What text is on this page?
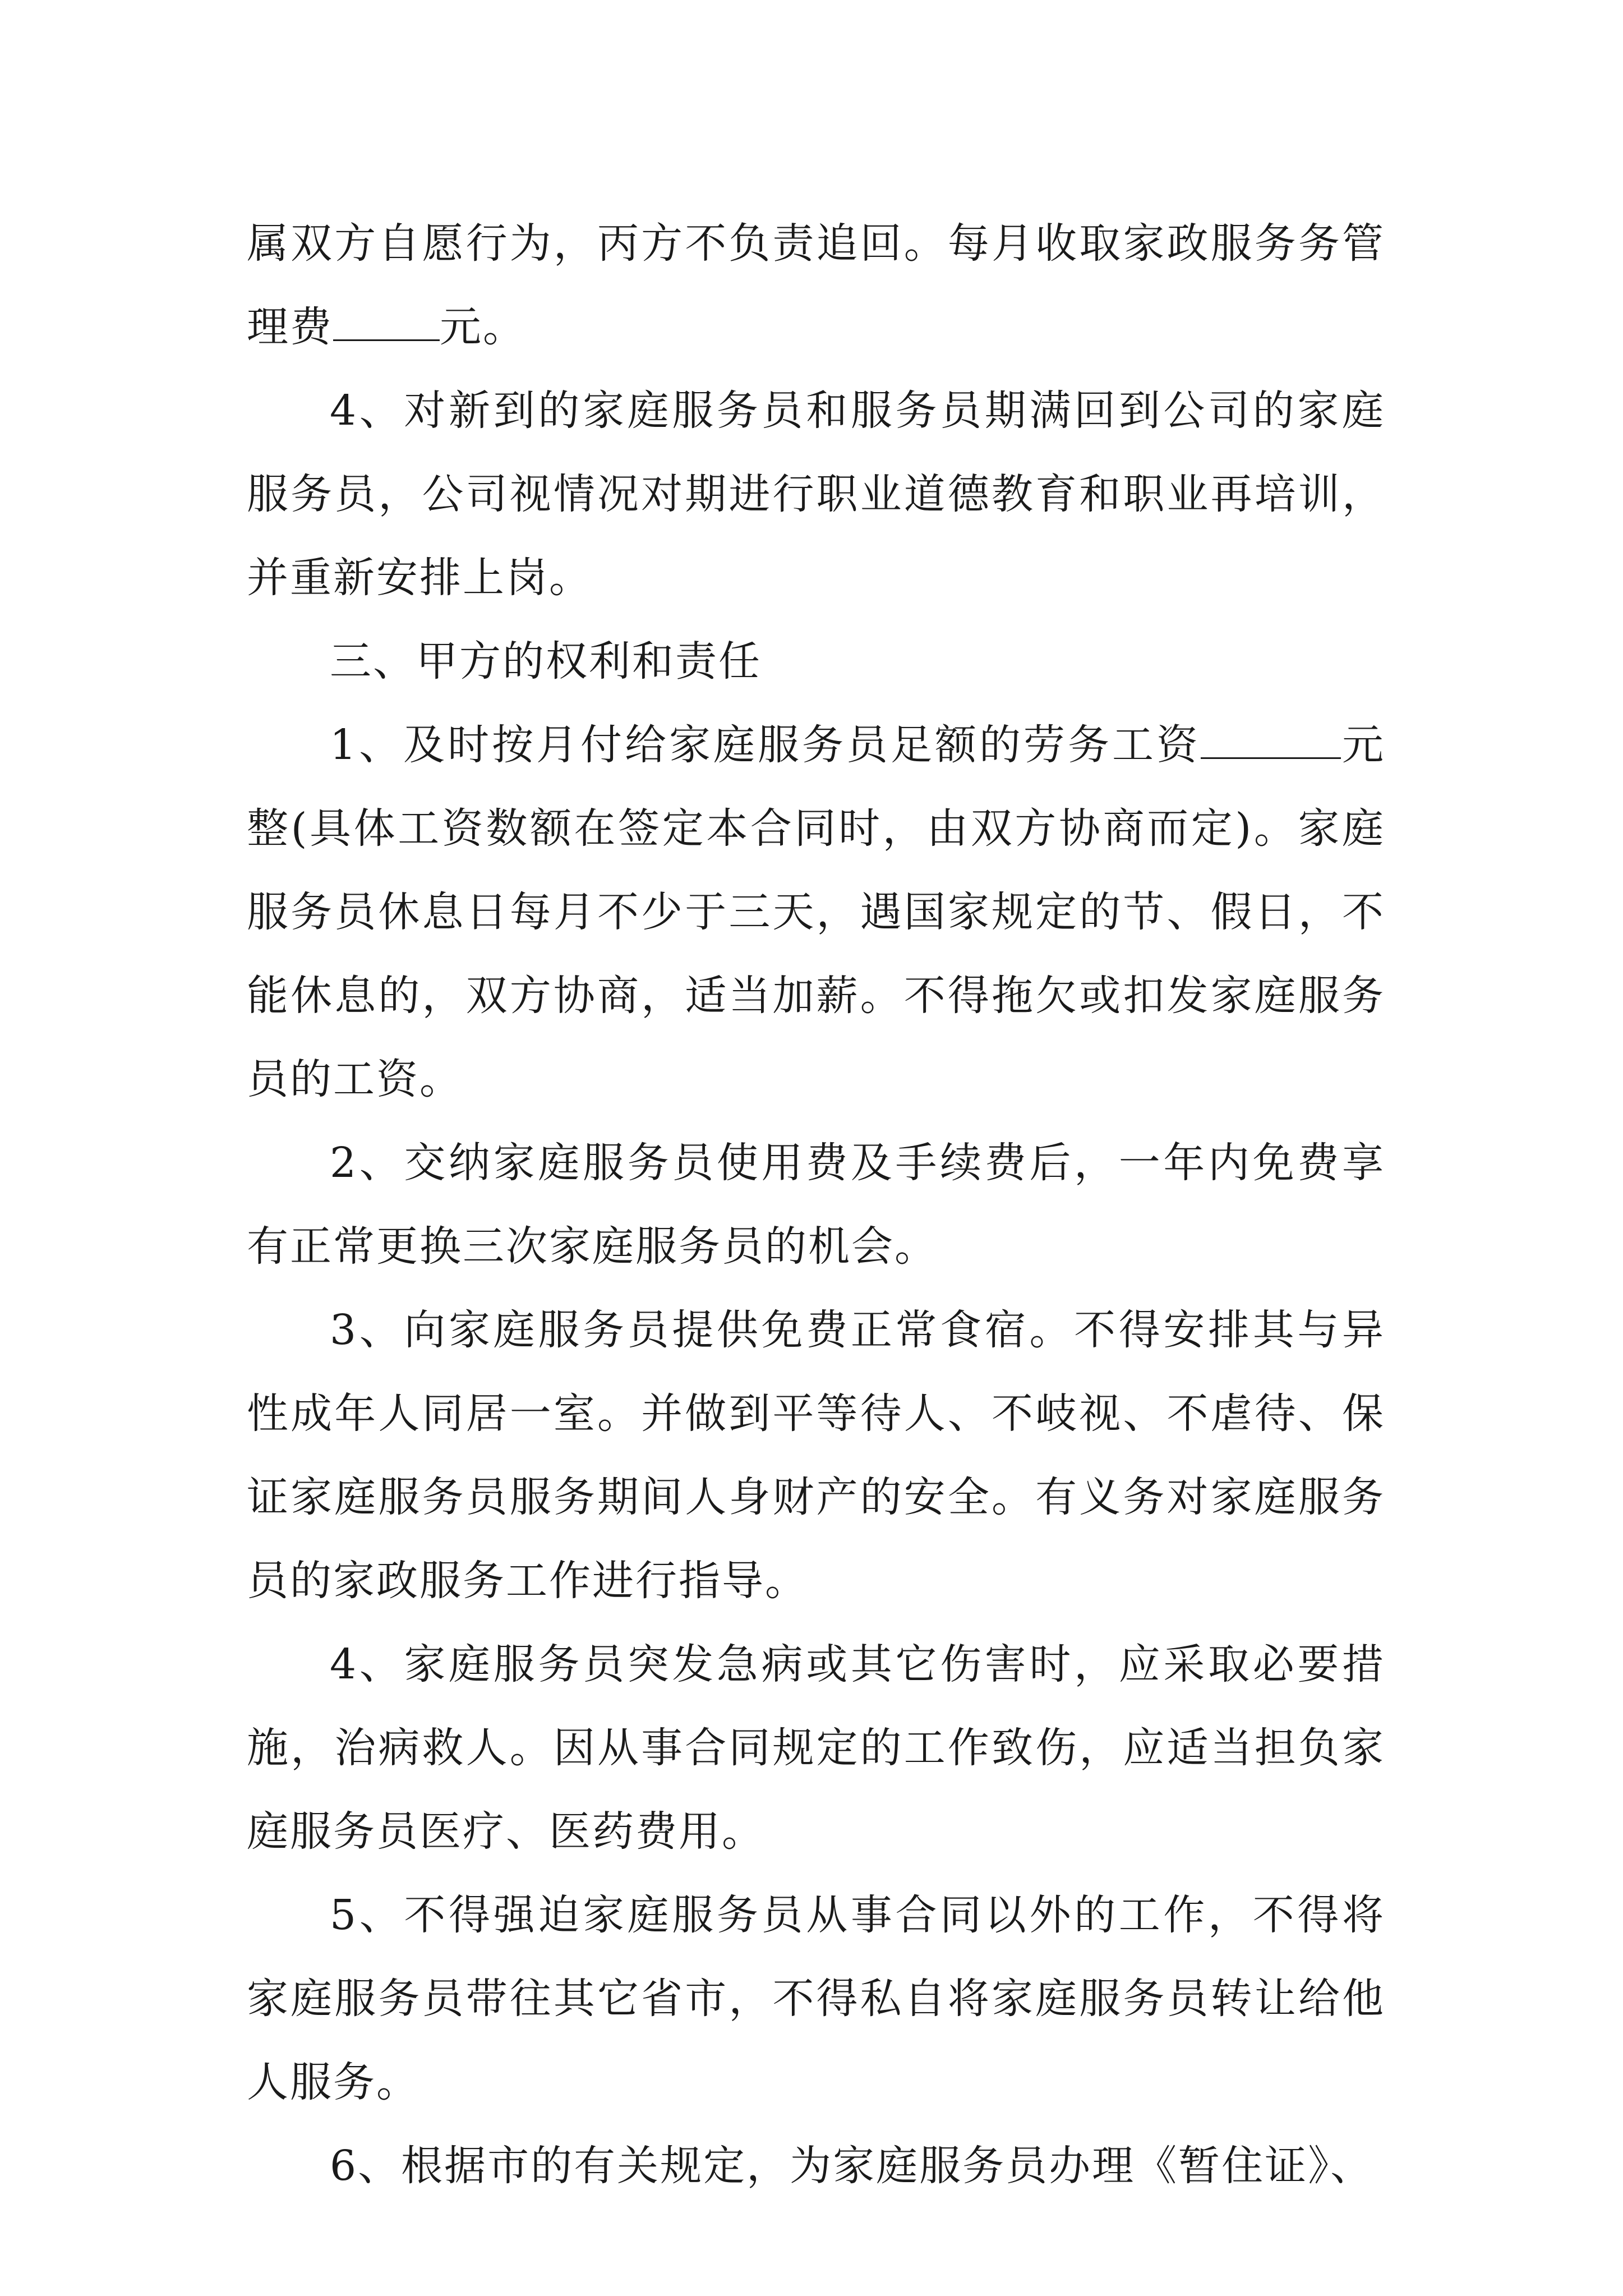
属双方自愿行为，丙方不负责追回。每月收取家政服务务管理费	元。

4、对新到的家庭服务员和服务员期满回到公司的家庭服务员，公司视情况对期进行职业道德教育和职业再培训，并重新安排上岗。

三、甲方的权利和责任

1、及时按月付给家庭服务员足额的劳务工资	元整(具体工资数额在签定本合同时，由双方协商而定)。家庭服务员休息日每月不少于三天，遇国家规定的节、假日，不能休息的，双方协商，适当加薪。不得拖欠或扣发家庭服务员的工资。

2、交纳家庭服务员使用费及手续费后，一年内免费享有正常更换三次家庭服务员的机会。

3、向家庭服务员提供免费正常食宿。不得安排其与异性成年人同居一室。并做到平等待人、不岐视、不虐待、保证家庭服务员服务期间人身财产的安全。有义务对家庭服务员的家政服务工作进行指导。

4、家庭服务员突发急病或其它伤害时，应采取必要措施，治病救人。因从事合同规定的工作致伤，应适当担负家庭服务员医疗、医药费用。

5、不得强迫家庭服务员从事合同以外的工作，不得将家庭服务员带往其它省市，不得私自将家庭服务员转让给他人服务。

6、根据市的有关规定，为家庭服务员办理《暂住证》、
